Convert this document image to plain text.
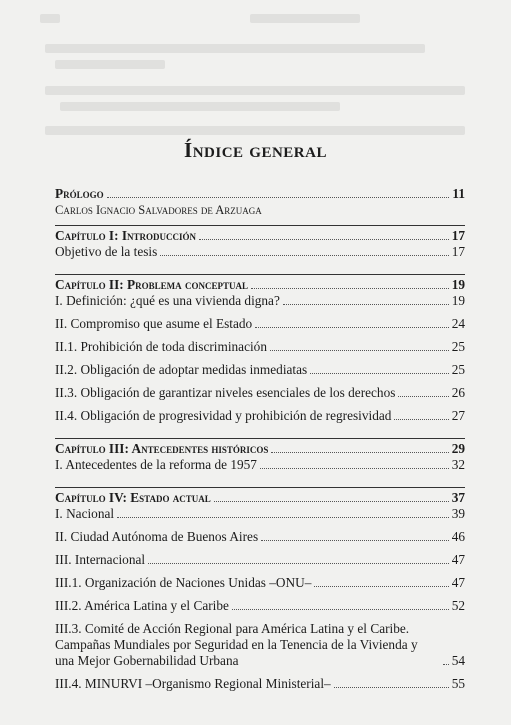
Índice general
Prólogo	11
Carlos Ignacio Salvadores de Arzuaga
Capítulo I: Introducción	17
Objetivo de la tesis	17
Capítulo II: Problema conceptual	19
I. Definición: ¿qué es una vivienda digna?	19
II. Compromiso que asume el Estado	24
II.1. Prohibición de toda discriminación	25
II.2. Obligación de adoptar medidas inmediatas	25
II.3. Obligación de garantizar niveles esenciales de los derechos	26
II.4. Obligación de progresividad y prohibición de regresividad	27
Capítulo III: Antecedentes históricos	29
I. Antecedentes de la reforma de 1957	32
Capítulo IV: Estado actual	37
I. Nacional	39
II. Ciudad Autónoma de Buenos Aires	46
III. Internacional	47
III.1. Organización de Naciones Unidas –ONU–	47
III.2. América Latina y el Caribe	52
III.3. Comité de Acción Regional para América Latina y el Caribe. Campañas Mundiales por Seguridad en la Tenencia de la Vivienda y una Mejor Gobernabilidad Urbana	54
III.4. MINURVI –Organismo Regional Ministerial–	55
